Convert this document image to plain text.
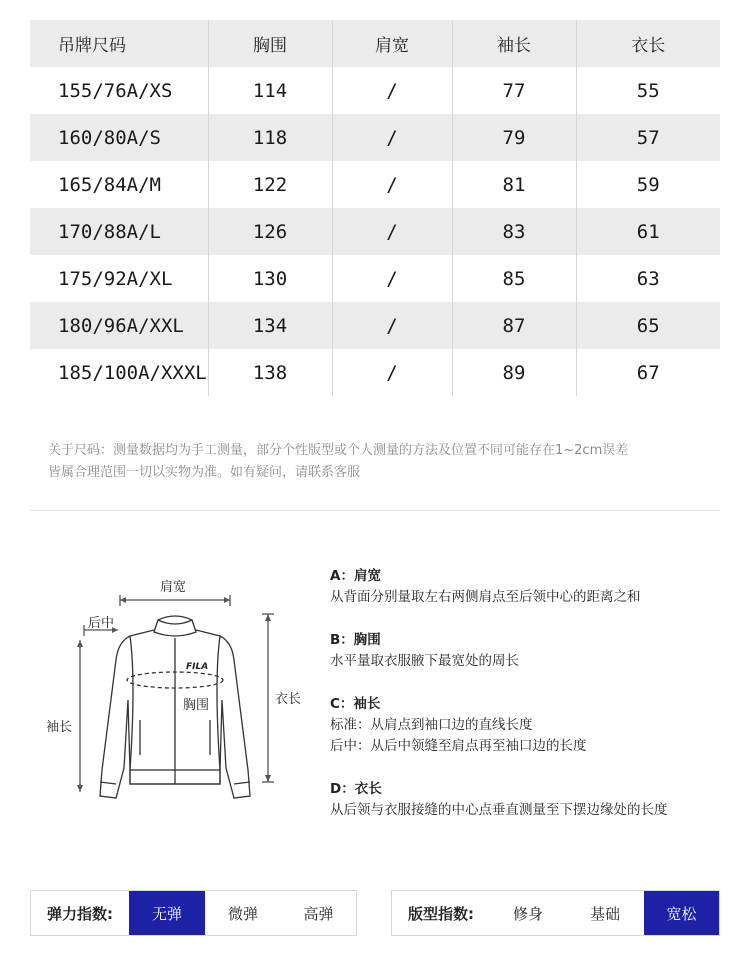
吊牌尺码	胸围	肩宽	袖长	衣长
155/76A/XS	114	/	77	55
160/80A/S	118	/	79	57
165/84A/M	122	/	81	59
170/88A/L	126	/	83	61
175/92A/XL	130	/	85	63
180/96A/XXL	134	/	87	65
185/100A/XXXL	138	/	89	67
关于尺码：测量数据均为手工测量，部分个性版型或个人测量的方法及位置不同可能存在1~2cm误差
皆属合理范围一切以实物为准。如有疑问，请联系客服
肩宽
后中
胸围
袖长
衣长
FILA
A：肩宽
从背面分别量取左右两侧肩点至后领中心的距离之和
B：胸围
水平量取衣服腋下最宽处的周长
C：袖长
标准：从肩点到袖口边的直线长度
后中：从后中领缝至肩点再至袖口边的长度
D：衣长
从后领与衣服接缝的中心点垂直测量至下摆边缘处的长度
弹力指数:	无弹	微弹	高弹	版型指数:	修身	基础	宽松
